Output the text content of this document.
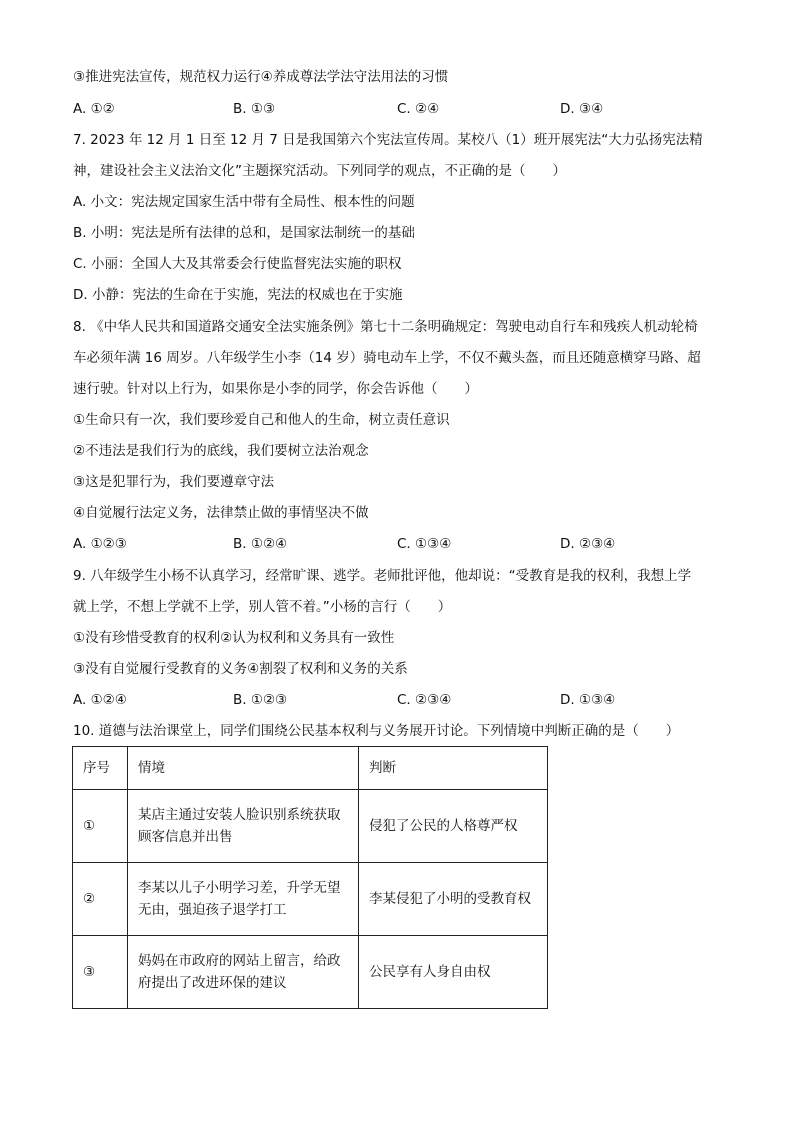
③推进宪法宣传，规范权力运行④养成尊法学法守法用法的习惯
A. ①②	B. ①③	C. ②④	D. ③④
7. 2023 年 12 月 1 日至 12 月 7 日是我国第六个宪法宣传周。某校八（1）班开展宪法“大力弘扬宪法精
神，建设社会主义法治文化”主题探究活动。下列同学的观点，不正确的是（　　）
A. 小文：宪法规定国家生活中带有全局性、根本性的问题
B. 小明：宪法是所有法律的总和，是国家法制统一的基础
C. 小丽：全国人大及其常委会行使监督宪法实施的职权
D. 小静：宪法的生命在于实施，宪法的权威也在于实施
8. 《中华人民共和国道路交通安全法实施条例》第七十二条明确规定：驾驶电动自行车和残疾人机动轮椅
车必须年满 16 周岁。八年级学生小李（14 岁）骑电动车上学，不仅不戴头盔，而且还随意横穿马路、超
速行驶。针对以上行为，如果你是小李的同学，你会告诉他（　　）
①生命只有一次，我们要珍爱自己和他人的生命，树立责任意识
②不违法是我们行为的底线，我们要树立法治观念
③这是犯罪行为，我们要遵章守法
④自觉履行法定义务，法律禁止做的事情坚决不做
A. ①②③	B. ①②④	C. ①③④	D. ②③④
9. 八年级学生小杨不认真学习，经常旷课、逃学。老师批评他，他却说：“受教育是我的权利，我想上学
就上学，不想上学就不上学，别人管不着。”小杨的言行（　　）
①没有珍惜受教育的权利②认为权利和义务具有一致性
③没有自觉履行受教育的义务④割裂了权利和义务的关系
A. ①②④	B. ①②③	C. ②③④	D. ①③④
10. 道德与法治课堂上，同学们围绕公民基本权利与义务展开讨论。下列情境中判断正确的是（　　）
序号	情境	判断
①	某店主通过安装人脸识别系统获取
顾客信息并出售	侵犯了公民的人格尊严权
②	李某以儿子小明学习差，升学无望
无由，强迫孩子退学打工	李某侵犯了小明的受教育权
③	妈妈在市政府的网站上留言，给政
府提出了改进环保的建议	公民享有人身自由权
